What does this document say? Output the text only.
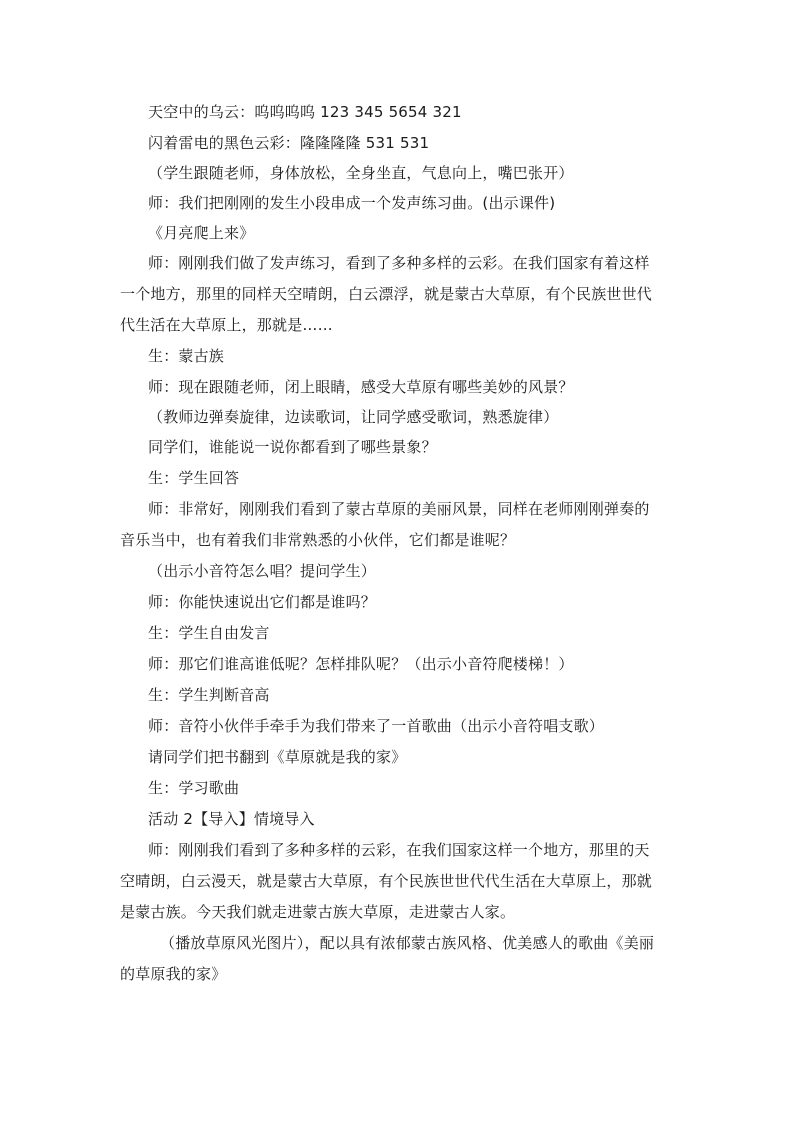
天空中的乌云：呜呜呜呜 123 345 5654 321
闪着雷电的黑色云彩：隆隆隆隆 531 531
（学生跟随老师，身体放松，全身坐直，气息向上，嘴巴张开）
师：我们把刚刚的发生小段串成一个发声练习曲。(出示课件)
《月亮爬上来》
师：刚刚我们做了发声练习，看到了多种多样的云彩。在我们国家有着这样
一个地方，那里的同样天空晴朗，白云漂浮，就是蒙古大草原，有个民族世世代
代生活在大草原上，那就是……
生：蒙古族
师：现在跟随老师，闭上眼睛，感受大草原有哪些美妙的风景？
（教师边弹奏旋律，边读歌词，让同学感受歌词，熟悉旋律）
同学们，谁能说一说你都看到了哪些景象？
生：学生回答
师：非常好，刚刚我们看到了蒙古草原的美丽风景，同样在老师刚刚弹奏的
音乐当中，也有着我们非常熟悉的小伙伴，它们都是谁呢？
（出示小音符怎么唱？提问学生）
师：你能快速说出它们都是谁吗？
生：学生自由发言
师：那它们谁高谁低呢？怎样排队呢？（出示小音符爬楼梯！）
生：学生判断音高
师：音符小伙伴手牵手为我们带来了一首歌曲（出示小音符唱支歌）
请同学们把书翻到《草原就是我的家》
生：学习歌曲
活动 2【导入】情境导入
师：刚刚我们看到了多种多样的云彩，在我们国家这样一个地方，那里的天
空晴朗，白云漫天，就是蒙古大草原，有个民族世世代代生活在大草原上，那就
是蒙古族。今天我们就走进蒙古族大草原，走进蒙古人家。
（播放草原风光图片），配以具有浓郁蒙古族风格、优美感人的歌曲《美丽
的草原我的家》
